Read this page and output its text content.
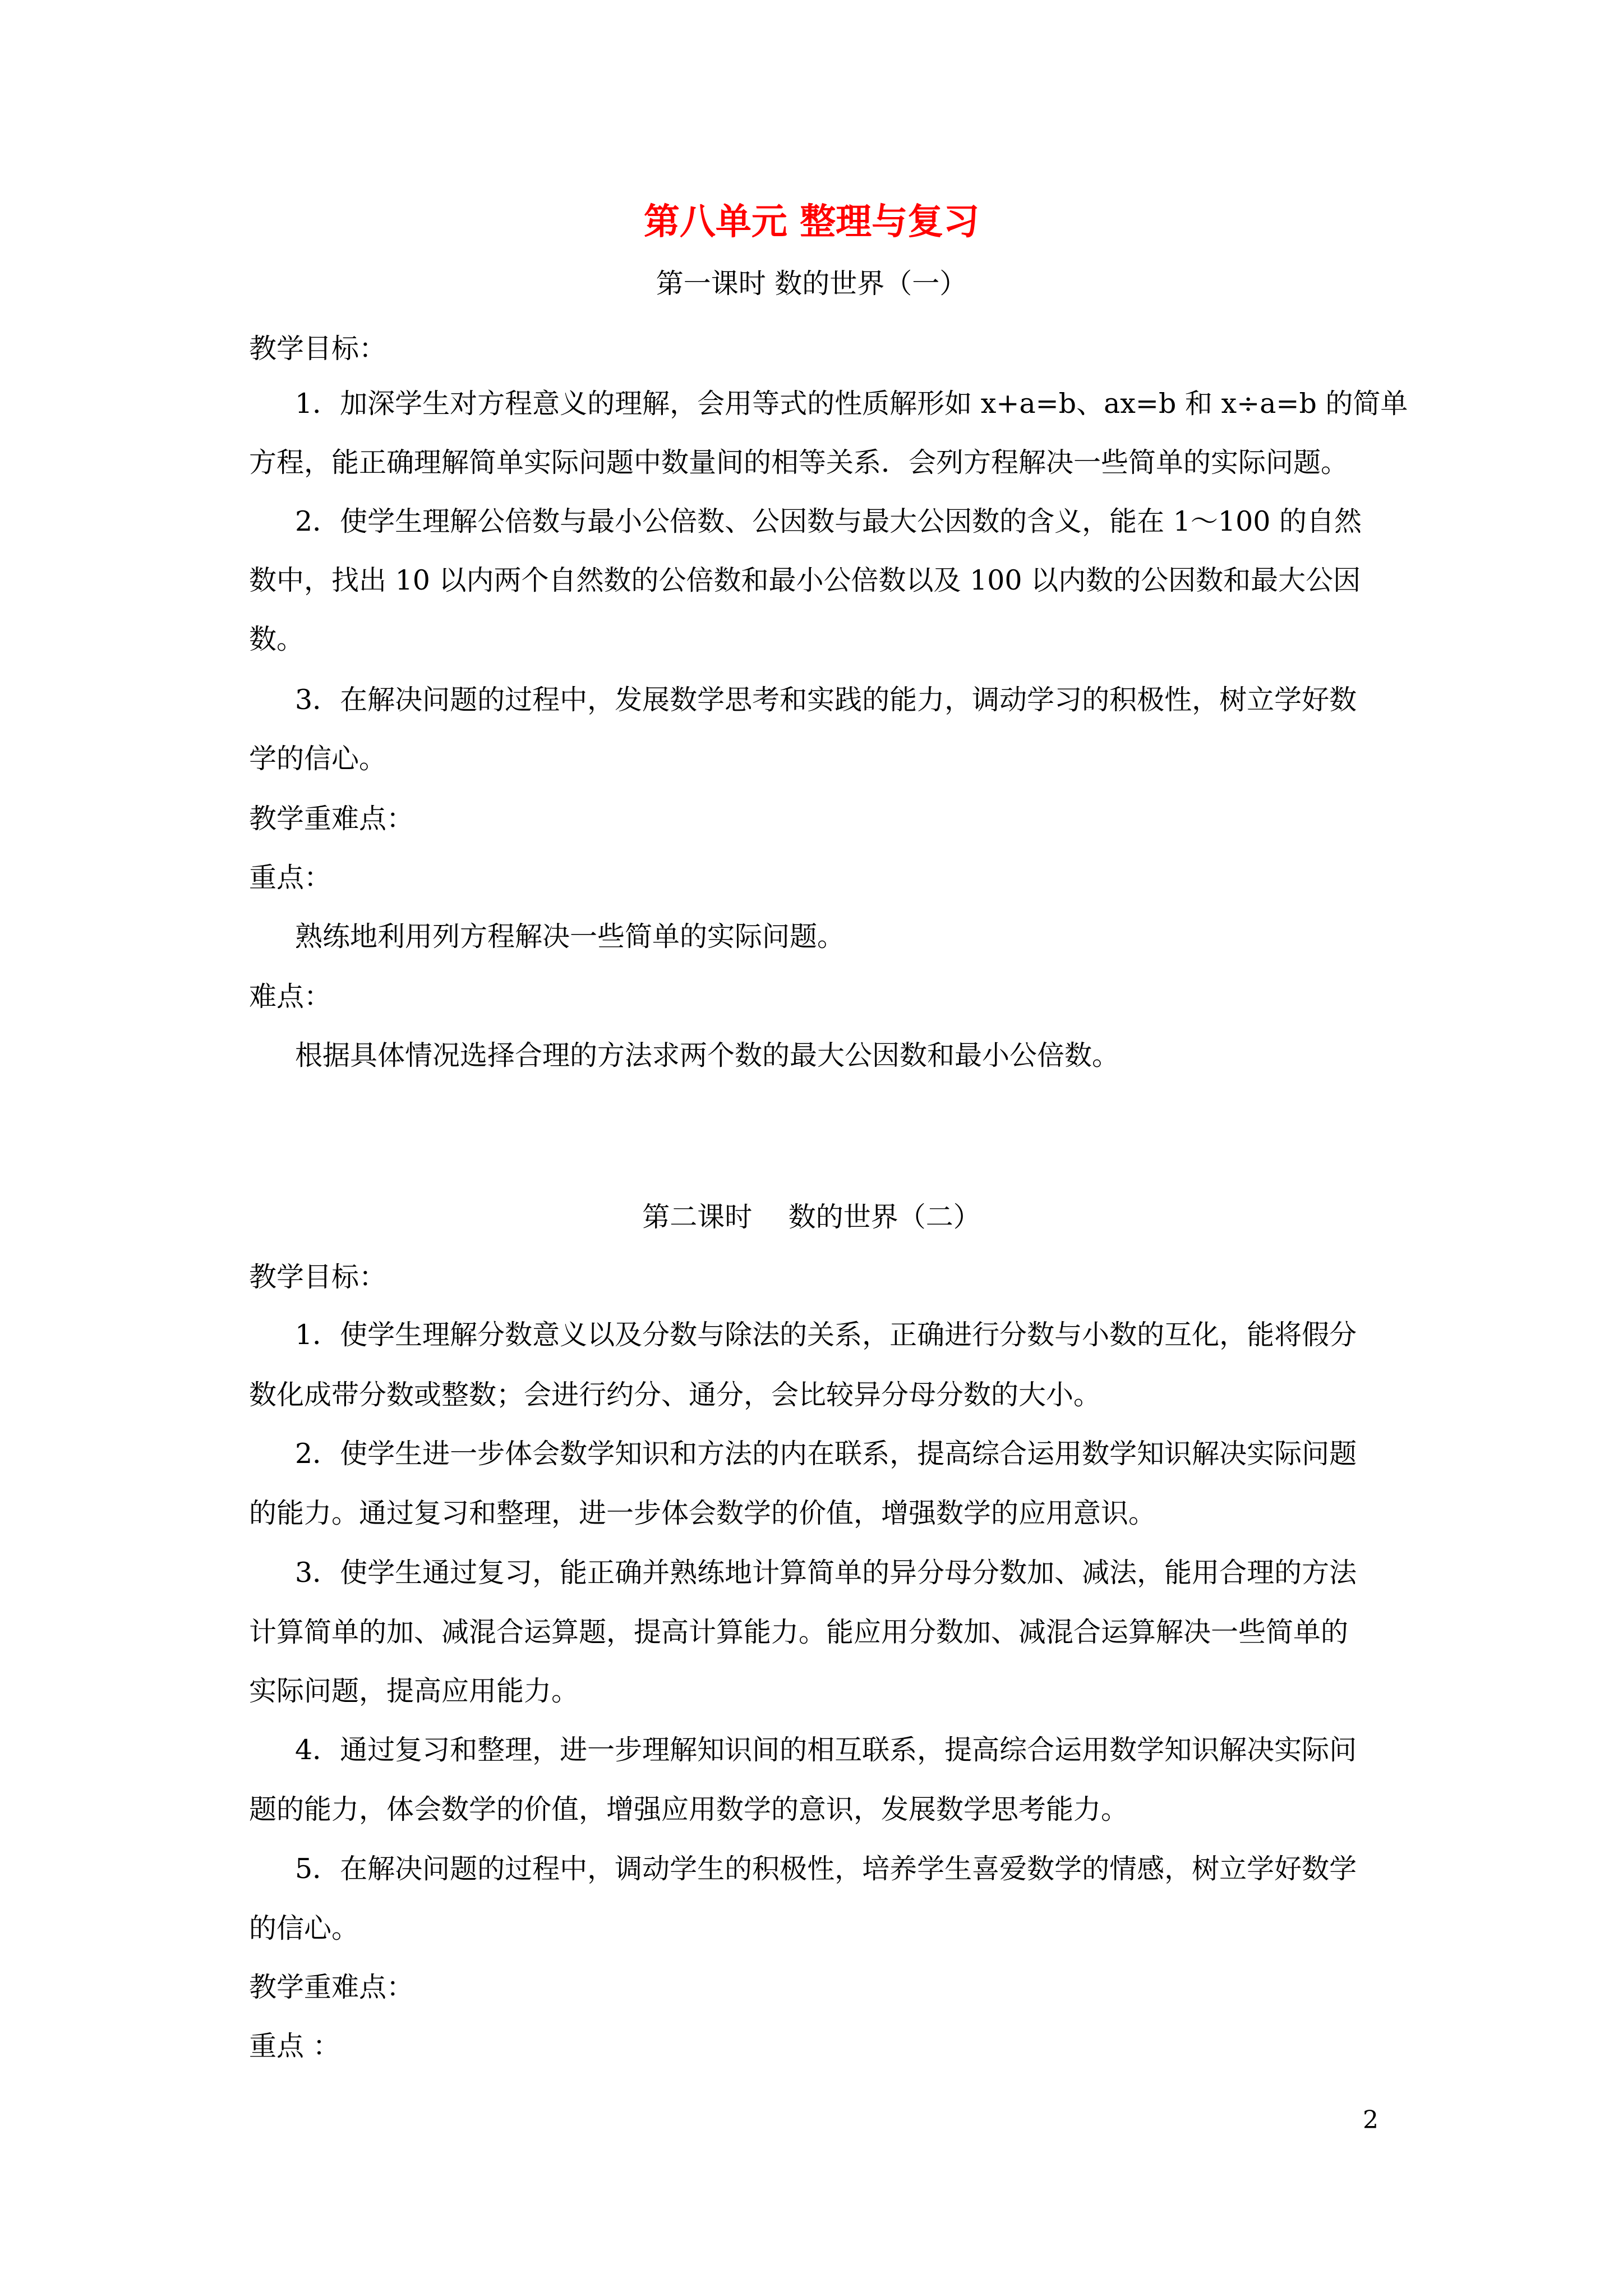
第八单元 整理与复习
第一课时 数的世界（一）
教学目标：
1．加深学生对方程意义的理解，会用等式的性质解形如 x+a=b、ax=b 和 x÷a=b 的简单
方程，能正确理解简单实际问题中数量间的相等关系．会列方程解决一些简单的实际问题。
2．使学生理解公倍数与最小公倍数、公因数与最大公因数的含义，能在 1～100 的自然
数中，找出 10 以内两个自然数的公倍数和最小公倍数以及 100 以内数的公因数和最大公因
数。
3．在解决问题的过程中，发展数学思考和实践的能力，调动学习的积极性，树立学好数
学的信心。
教学重难点：
重点：
熟练地利用列方程解决一些简单的实际问题。
难点：
根据具体情况选择合理的方法求两个数的最大公因数和最小公倍数。
第二课时　 数的世界（二）
教学目标：
1．使学生理解分数意义以及分数与除法的关系，正确进行分数与小数的互化，能将假分
数化成带分数或整数；会进行约分、通分，会比较异分母分数的大小。
2．使学生进一步体会数学知识和方法的内在联系，提高综合运用数学知识解决实际问题
的能力。通过复习和整理，进一步体会数学的价值，增强数学的应用意识。
3．使学生通过复习，能正确并熟练地计算简单的异分母分数加、减法，能用合理的方法
计算简单的加、减混合运算题，提高计算能力。能应用分数加、减混合运算解决一些简单的
实际问题，提高应用能力。
4．通过复习和整理，进一步理解知识间的相互联系，提高综合运用数学知识解决实际问
题的能力，体会数学的价值，增强应用数学的意识，发展数学思考能力。
5．在解决问题的过程中，调动学生的积极性，培养学生喜爱数学的情感，树立学好数学
的信心。
教学重难点：
重点 ：
2
